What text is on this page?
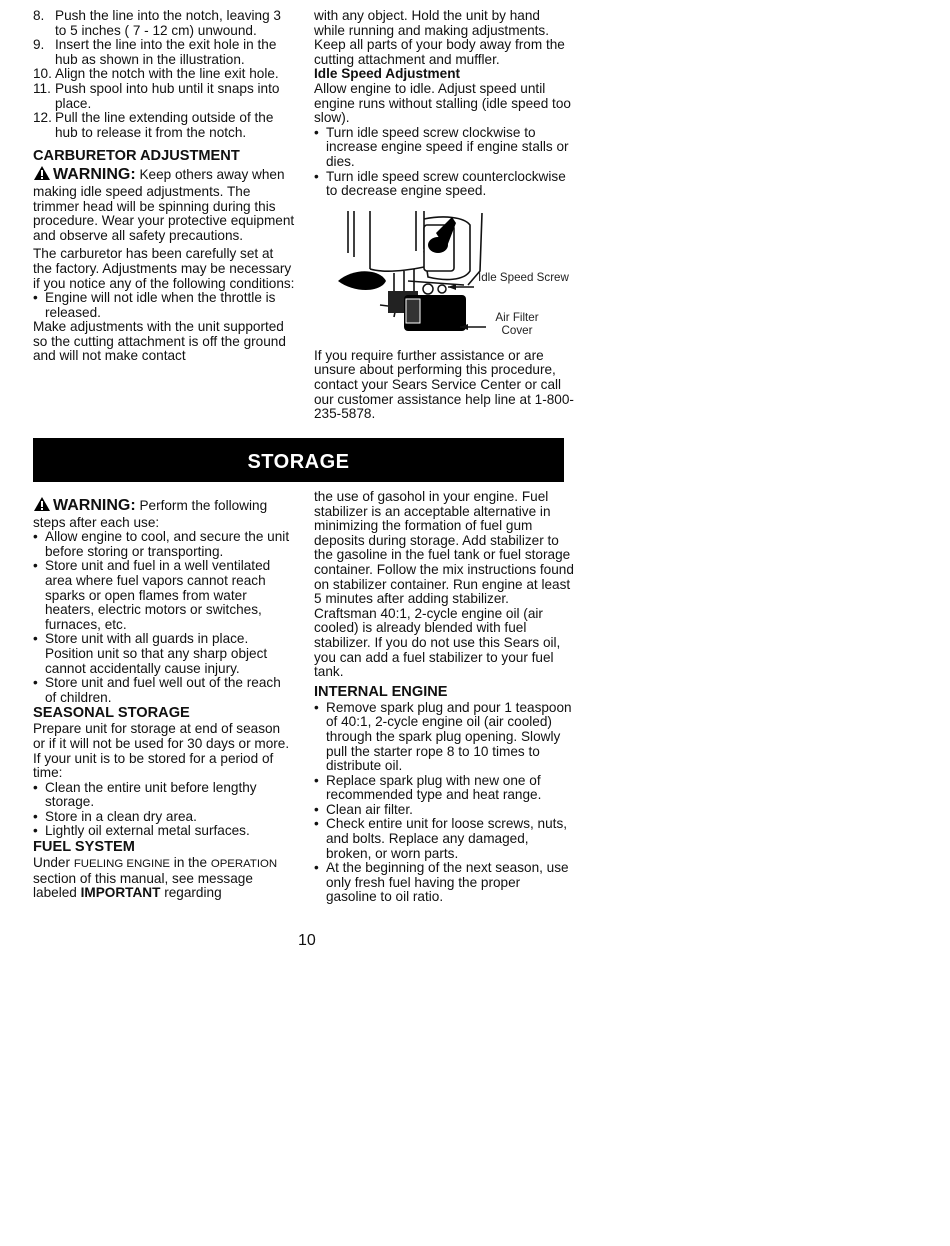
8. Push the line into the notch, leaving 3 to 5 inches ( 7 - 12 cm) unwound.
9. Insert the line into the exit hole in the hub as shown in the illustration.
10. Align the notch with the line exit hole.
11. Push spool into hub until it snaps into place.
12. Pull the line extending outside of the hub to release it from the notch.
CARBURETOR ADJUSTMENT

WARNING: Keep others away when making idle speed adjustments. The trimmer head will be spinning during this procedure. Wear your protective equipment and observe all safety precautions.

The carburetor has been carefully set at the factory. Adjustments may be necessary if you notice any of the following conditions:

• Engine will not idle when the throttle is released.

Make adjustments with the unit supported so the cutting attachment is off the ground and will not make contact

with any object. Hold the unit by hand while running and making adjustments. Keep all parts of your body away from the cutting attachment and muffler.

Idle Speed Adjustment

Allow engine to idle. Adjust speed until engine runs without stalling (idle speed too slow).

• Turn idle speed screw clockwise to increase engine speed if engine stalls or dies.
• Turn idle speed screw counterclockwise to decrease engine speed.
Idle Speed Screw
Air Filter Cover

If you require further assistance or are unsure about performing this procedure, contact your Sears Service Center or call our customer assistance help line at 1-800-235-5878.

STORAGE

WARNING: Perform the following steps after each use:

• Allow engine to cool, and secure the unit before storing or transporting.
• Store unit and fuel in a well ventilated area where fuel vapors cannot reach sparks or open flames from water heaters, electric motors or switches, furnaces, etc.
• Store unit with all guards in place. Position unit so that any sharp object cannot accidentally cause injury.
• Store unit and fuel well out of the reach of children.
SEASONAL STORAGE

Prepare unit for storage at end of season or if it will not be used for 30 days or more.

If your unit is to be stored for a period of time:

• Clean the entire unit before lengthy storage.
• Store in a clean dry area.
• Lightly oil external metal surfaces.
FUEL SYSTEM

Under FUELING ENGINE in the OPERATION section of this manual, see message labeled IMPORTANT regarding

the use of gasohol in your engine. Fuel stabilizer is an acceptable alternative in minimizing the formation of fuel gum deposits during storage. Add stabilizer to the gasoline in the fuel tank or fuel storage container. Follow the mix instructions found on stabilizer container. Run engine at least 5 minutes after adding stabilizer.

Craftsman 40:1, 2-cycle engine oil (air cooled) is already blended with fuel stabilizer. If you do not use this Sears oil, you can add a fuel stabilizer to your fuel tank.

INTERNAL ENGINE
• Remove spark plug and pour 1 teaspoon of 40:1, 2-cycle engine oil (air cooled) through the spark plug opening. Slowly pull the starter rope 8 to 10 times to distribute oil.
• Replace spark plug with new one of recommended type and heat range.
• Clean air filter.
• Check entire unit for loose screws, nuts, and bolts. Replace any damaged, broken, or worn parts.
• At the beginning of the next season, use only fresh fuel having the proper gasoline to oil ratio.
10
